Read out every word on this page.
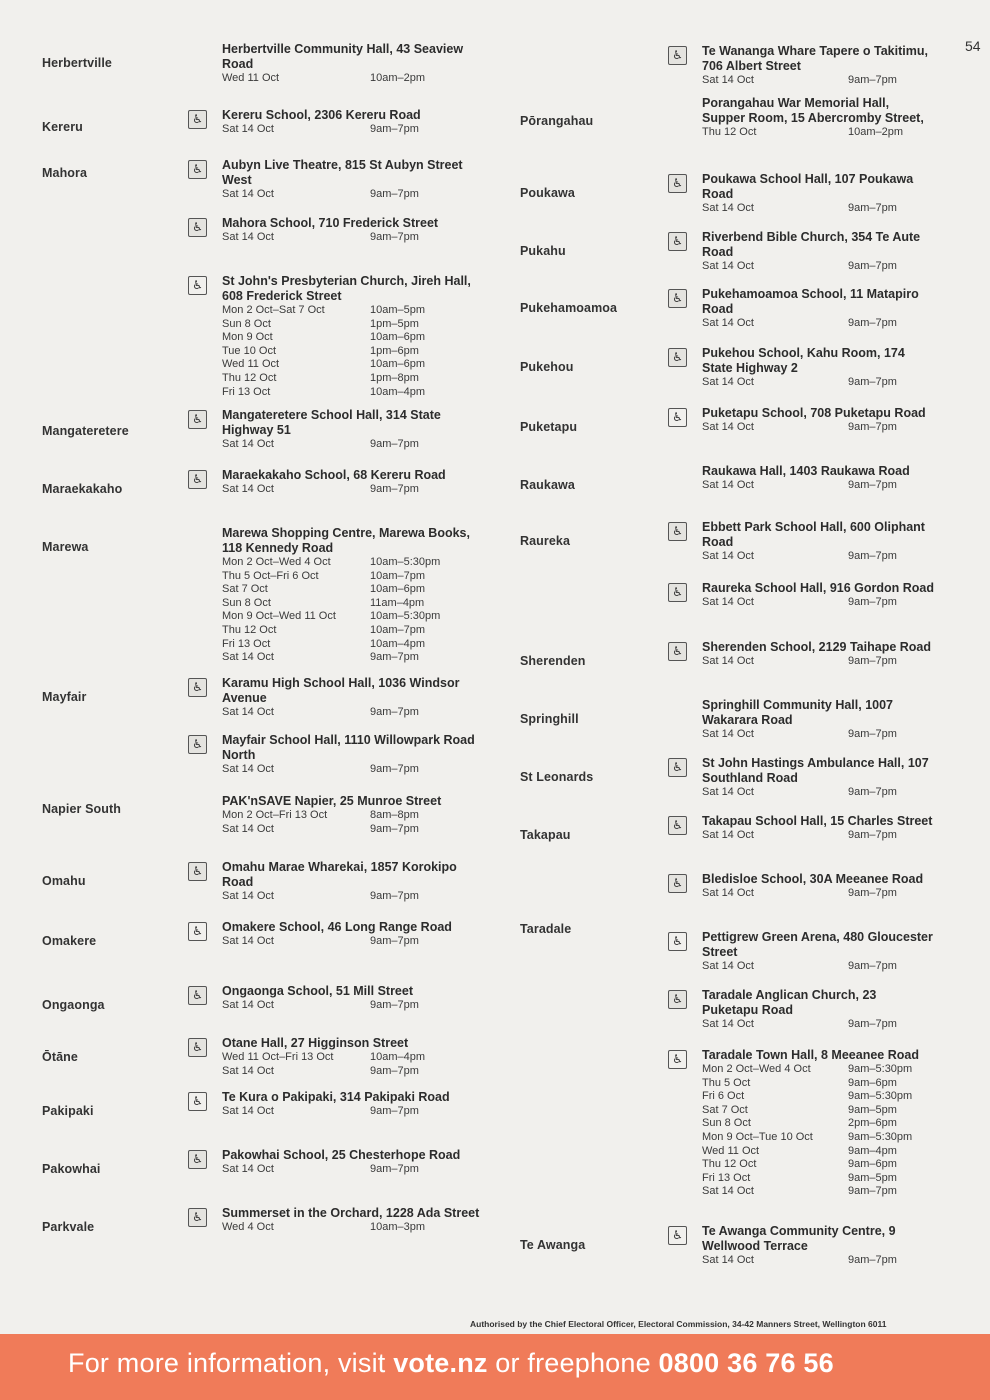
54
Herbertville
Herbertville Community Hall, 43 Seaview Road
Wed 11 Oct	10am–2pm
Kereru
♿	Kereru School, 2306 Kereru Road
Sat 14 Oct	9am–7pm
Mahora	♿	Aubyn Live Theatre, 815 St Aubyn Street West
Sat 14 Oct	9am–7pm
♿	Mahora School, 710 Frederick Street
Sat 14 Oct	9am–7pm
♿	St John's Presbyterian Church, Jireh Hall, 608 Frederick Street
Mon 2 Oct–Sat 7 Oct	10am–5pm
Sun 8 Oct	1pm–5pm
Mon 9 Oct	10am–6pm
Tue 10 Oct	1pm–6pm
Wed 11 Oct	10am–6pm
Thu 12 Oct	1pm–8pm
Fri 13 Oct	10am–4pm
Mangateretere
♿	Mangateretere School Hall, 314 State Highway 51
Sat 14 Oct	9am–7pm
Maraekakaho
♿	Maraekakaho School, 68 Kereru Road
Sat 14 Oct	9am–7pm
Marewa
Marewa Shopping Centre, Marewa Books, 118 Kennedy Road
Mon 2 Oct–Wed 4 Oct	10am–5:30pm
Thu 5 Oct–Fri 6 Oct	10am–7pm
Sat 7 Oct	10am–6pm
Sun 8 Oct	11am–4pm
Mon 9 Oct–Wed 11 Oct	10am–5:30pm
Thu 12 Oct	10am–7pm
Fri 13 Oct	10am–4pm
Sat 14 Oct	9am–7pm
Mayfair
♿	Karamu High School Hall, 1036 Windsor Avenue
Sat 14 Oct	9am–7pm
♿	Mayfair School Hall, 1110 Willowpark Road North
Sat 14 Oct	9am–7pm
Napier South
PAK'nSAVE Napier, 25 Munroe Street
Mon 2 Oct–Fri 13 Oct	8am–8pm
Sat 14 Oct	9am–7pm
Omahu
♿	Omahu Marae Wharekai, 1857 Korokipo Road
Sat 14 Oct	9am–7pm
Omakere
♿	Omakere School, 46 Long Range Road
Sat 14 Oct	9am–7pm
Ongaonga
♿	Ongaonga School, 51 Mill Street
Sat 14 Oct	9am–7pm
Ōtāne
♿	Otane Hall, 27 Higginson Street
Wed 11 Oct–Fri 13 Oct	10am–4pm
Sat 14 Oct	9am–7pm
Pakipaki
♿	Te Kura o Pakipaki, 314 Pakipaki Road
Sat 14 Oct	9am–7pm
Pakowhai
♿	Pakowhai School, 25 Chesterhope Road
Sat 14 Oct	9am–7pm
Parkvale
♿	Summerset in the Orchard, 1228 Ada Street
Wed 4 Oct	10am–3pm
♿	Te Wananga Whare Tapere o Takitimu, 706 Albert Street
Sat 14 Oct	9am–7pm
Pōrangahau
Porangahau War Memorial Hall, Supper Room, 15 Abercromby Street,
Thu 12 Oct	10am–2pm
Poukawa
♿	Poukawa School Hall, 107 Poukawa Road
Sat 14 Oct	9am–7pm
Pukahu
♿	Riverbend Bible Church, 354 Te Aute Road
Sat 14 Oct	9am–7pm
Pukehamoamoa
♿	Pukehamoamoa School, 11 Matapiro Road
Sat 14 Oct	9am–7pm
Pukehou
♿	Pukehou School, Kahu Room, 174 State Highway 2
Sat 14 Oct	9am–7pm
Puketapu
♿	Puketapu School, 708 Puketapu Road
Sat 14 Oct	9am–7pm
Raukawa
Raukawa Hall, 1403 Raukawa Road
Sat 14 Oct	9am–7pm
Raureka
♿	Ebbett Park School Hall, 600 Oliphant Road
Sat 14 Oct	9am–7pm
♿	Raureka School Hall, 916 Gordon Road
Sat 14 Oct	9am–7pm
Sherenden
♿	Sherenden School, 2129 Taihape Road
Sat 14 Oct	9am–7pm
Springhill
Springhill Community Hall, 1007 Wakarara Road
Sat 14 Oct	9am–7pm
St Leonards
♿	St John Hastings Ambulance Hall, 107 Southland Road
Sat 14 Oct	9am–7pm
Takapau
♿	Takapau School Hall, 15 Charles Street
Sat 14 Oct	9am–7pm
Taradale
♿	Bledisloe School, 30A Meeanee Road
Sat 14 Oct	9am–7pm
♿	Pettigrew Green Arena, 480 Gloucester Street
Sat 14 Oct	9am–7pm
♿	Taradale Anglican Church, 23 Puketapu Road
Sat 14 Oct	9am–7pm
♿	Taradale Town Hall, 8 Meeanee Road
Mon 2 Oct–Wed 4 Oct	9am–5:30pm
Thu 5 Oct	9am–6pm
Fri 6 Oct	9am–5:30pm
Sat 7 Oct	9am–5pm
Sun 8 Oct	2pm–6pm
Mon 9 Oct–Tue 10 Oct	9am–5:30pm
Wed 11 Oct	9am–4pm
Thu 12 Oct	9am–6pm
Fri 13 Oct	9am–5pm
Sat 14 Oct	9am–7pm
Te Awanga
♿	Te Awanga Community Centre, 9 Wellwood Terrace
Sat 14 Oct	9am–7pm
Authorised by the Chief Electoral Officer, Electoral Commission, 34-42 Manners Street, Wellington 6011
For more information, visit vote.nz or freephone 0800 36 76 56
